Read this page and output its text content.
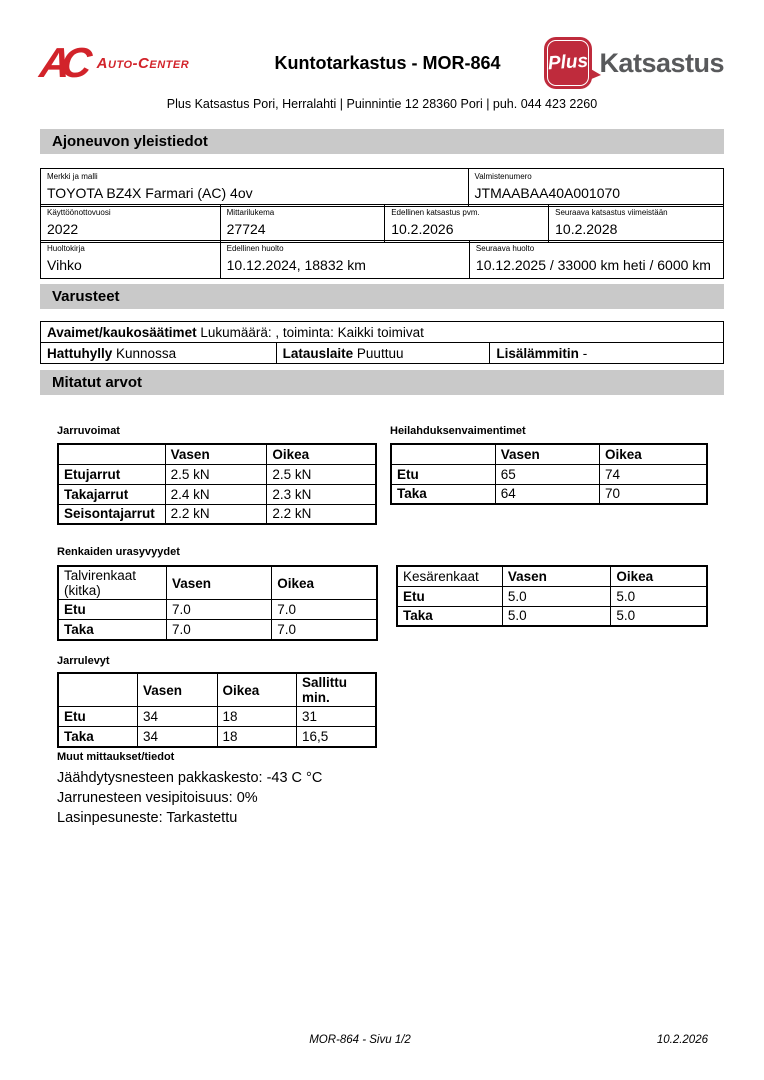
AC Auto-Center	Kuntotarkastus - MOR-864	Plus Katsastus
Plus Katsastus Pori, Herralahti | Puinnintie 12 28360 Pori | puh. 044 423 2260
Ajoneuvon yleistiedot
Merkki ja malli
TOYOTA BZ4X Farmari (AC) 4ov

Valmistenumero
JTMAABAA40A001070
Käyttöönottovuosi
2022

Mittarilukema
27724

Edellinen katsastus pvm.
10.2.2026

Seuraava katsastus viimeistään
10.2.2028
Huoltokirja
Vihko

Edellinen huolto
10.12.2024, 18832 km

Seuraava huolto
10.12.2025 / 33000 km heti / 6000 km
Varusteet
Avaimet/kaukosäätimet Lukumäärä: , toiminta: Kaikki toimivat
Hattuhylly Kunnossa	Latauslaite Puuttuu	Lisälämmitin -
Mitatut arvot
Jarruvoimat
	Vasen	Oikea
Etujarrut	2.5 kN	2.5 kN
Takajarrut	2.4 kN	2.3 kN
Seisontajarrut	2.2 kN	2.2 kN
Heilahduksenvaimentimet
	Vasen	Oikea
Etu	65	74
Taka	64	70
Renkaiden urasyvyydet
Talvirenkaat (kitka)	Vasen	Oikea
Etu	7.0	7.0
Taka	7.0	7.0
Kesärenkaat	Vasen	Oikea
Etu	5.0	5.0
Taka	5.0	5.0
Jarrulevyt
	Vasen	Oikea	Sallittu min.
Etu	34	18	31
Taka	34	18	16,5
Muut mittaukset/tiedot
Jäähdytysnesteen pakkaskesto: -43 C °C
Jarrunesteen vesipitoisuus: 0%
Lasinpesuneste: Tarkastettu
MOR-864 - Sivu 1/2	10.2.2026
